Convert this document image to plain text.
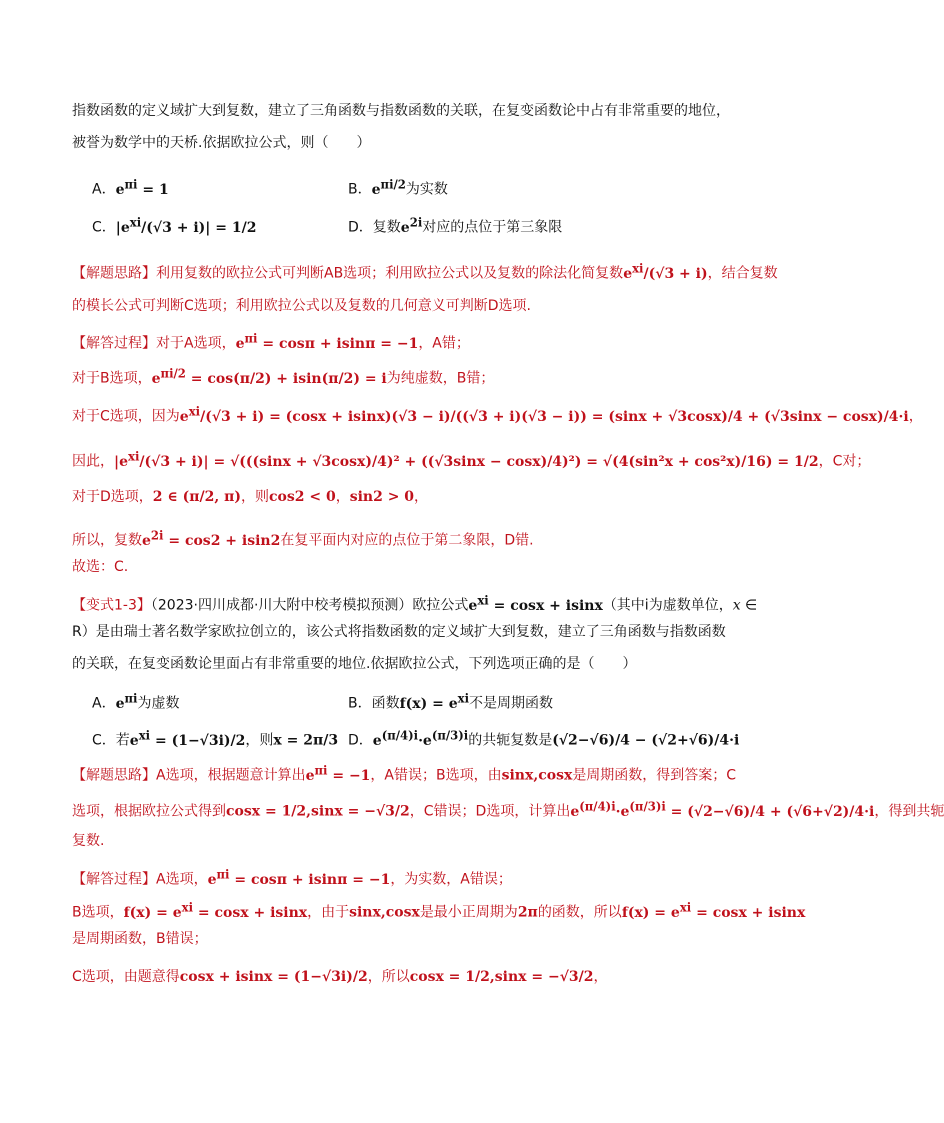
指数函数的定义域扩大到复数，建立了三角函数与指数函数的关联，在复变函数论中占有非常重要的地位，
被誉为数学中的天桥.依据欧拉公式，则（　　）
A．$e^{\pi i} = 1$	B．$e^{\pi i/2}$为实数
C．$|e^{xi}/(√3 + i)| = 1/2$	D．复数$e^{2i}$对应的点位于第三象限
【解题思路】利用复数的欧拉公式可判断AB选项；利用欧拉公式以及复数的除法化简复数$e^{xi}/(√3 + i)$，结合复数
的模长公式可判断C选项；利用欧拉公式以及复数的几何意义可判断D选项.
【解答过程】对于A选项，$e^{\pi i} = \cos\pi + isin\pi = -1$，A错；
对于B选项，$e^{\pi i/2} = \cos(\pi/2) + isin(\pi/2) = i$为纯虚数，B错；
对于C选项，因为$e^{xi}/(√3 + i) = (\cos x + isinx)(√3 - i)/((√3 + i)(√3 - i)) = (\sin x + √3\cos x)/4 + (√3\sin x - \cos x)/4\cdot i$，
因此，$|e^{xi}/(√3 + i)| = √(((\sin x + √3\cos x)/4)^2 + ((√3\sin x - \cos x)/4)^2) = √(4(\sin^2x + \cos^2x)/16) = 1/2$，C对；
对于D选项，2 ∈ (π/2, π)，则cos2 < 0，sin2 > 0，
所以，复数$e^{2i} = \cos 2 + isin2$在复平面内对应的点位于第二象限，D错.
故选：C.
【变式1-3】（2023·四川成都·川大附中校考模拟预测）欧拉公式$e^{xi} = \cos x + isinx$（其中i为虚数单位，x ∈
R）是由瑞士著名数学家欧拉创立的，该公式将指数函数的定义域扩大到复数，建立了三角函数与指数函数
的关联，在复变函数论里面占有非常重要的地位.依据欧拉公式，下列选项正确的是（　　）
A．$e^{\pi i}$为虚数	B．函数$f(x) = e^{xi}$不是周期函数
C．若$e^{xi} = (1-√3i)/2$，则x = 2π/3 D．$e^{(\pi/4)i}\cdot e^{(\pi/3)i}$的共轭复数是(√2−√6)/4 − (√2+√6)/4·i
【解题思路】A选项，根据题意计算出$e^{\pi i} = -1$，A错误；B选项，由sinx,cosx是周期函数，得到答案；C
选项，根据欧拉公式得到cosx = 1/2,sinx = −√3/2，C错误；D选项，计算出$e^{(\pi/4)i}\cdot e^{(\pi/3)i} = (√2-√6)/4 + (√6+√2)/4\cdot i$，得到共轭
复数.
【解答过程】A选项，$e^{\pi i} = \cos\pi + isin\pi = -1$，为实数，A错误；
B选项，$f(x) = e^{xi} = \cos x + isinx$，由于sinx,cosx是最小正周期为2π的函数，所以$f(x) = e^{xi} = \cos x + isinx$
是周期函数，B错误；
C选项，由题意得cosx + isinx = (1−√3i)/2，所以cosx = 1/2,sinx = −√3/2，
